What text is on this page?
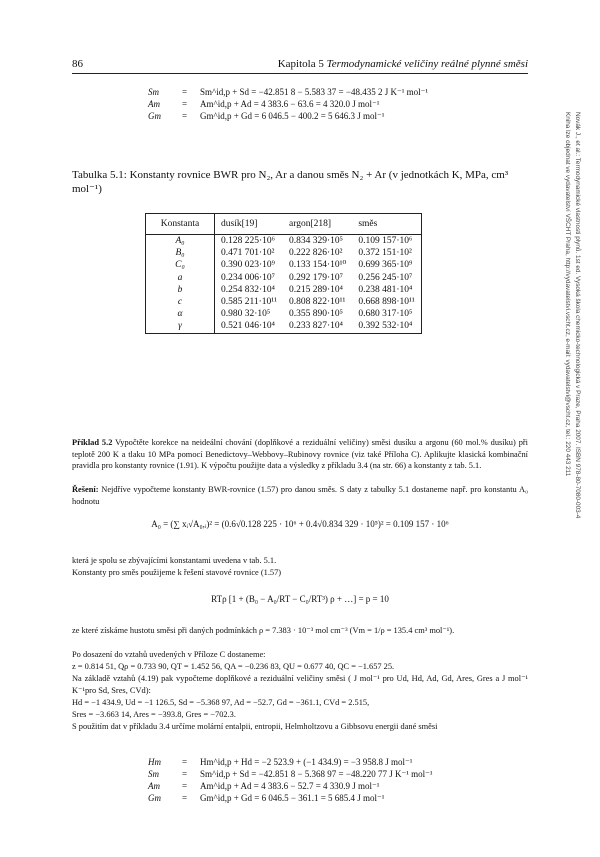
86	Kapitola 5 Termodynamické veličiny reálné plynné směsi
Novák J., et al.: Termodynamické vlastnosti plynů. 1st ed. Vysoká škola chemicko-technologická v Praze, Praha 2007. ISBN 978-80-7080-003-4
Kniha lze objednat ve vydavatelství VŠCHT Praha, http://vydavatelstvi.vscht.cz, e-mail: vydavatelstvi@vscht.cz, tel.: 220 443 211
Sm	= Sm^id,p + Sd = −42.851 8 − 5.583 37 = −48.435 2 J K⁻¹ mol⁻¹
Am	= Am^id,p + Ad = 4 383.6 − 63.6 = 4 320.0 J mol⁻¹
Gm	= Gm^id,p + Gd = 6 046.5 − 400.2 = 5 646.3 J mol⁻¹
Tabulka 5.1: Konstanty rovnice BWR pro N₂, Ar a danou směs N₂ + Ar (v jednotkách K, MPa, cm³ mol⁻¹)
Konstanta	dusík[19]	argon[218]	směs
A₀	0.128 225·10⁶	0.834 329·10⁵	0.109 157·10⁶
B₀	0.471 701·10²	0.222 826·10²	0.372 151·10²
C₀	0.390 023·10⁹	0.133 154·10¹⁰	0.699 365·10⁹
a	0.234 006·10⁷	0.292 179·10⁷	0.256 245·10⁷
b	0.254 832·10⁴	0.215 289·10⁴	0.238 481·10⁴
c	0.585 211·10¹¹	0.808 822·10¹¹	0.668 898·10¹¹
α	0.980 32·10⁵	0.355 890·10⁵	0.680 317·10⁵
γ	0.521 046·10⁴	0.233 827·10⁴	0.392 532·10⁴
Příklad 5.2 Vypočtěte korekce na neideální chování (doplňkové a reziduální veličiny) směsi dusíku a argonu (60 mol.% dusíku) při teplotě 200 K a tlaku 10 MPa pomocí Benedictovy–Webbovy–Rubinovy rovnice (viz také Příloha C). Aplikujte klasická kombinační pravidla pro konstanty rovnice (1.91). K výpočtu použijte data a výsledky z příkladu 3.4 (na str. 66) a konstanty z tab. 5.1.
Řešení: Nejdříve vypočteme konstanty BWR-rovnice (1.57) pro danou směs. S daty z tabulky 5.1 dostaneme např. pro konstantu A₀ hodnotu
A₀ = (∑ xᵢ√A₀,ᵢ)² = (0.6√0.128 225 · 10⁶ + 0.4√0.834 329 · 10⁵)² = 0.109 157 · 10⁶
která je spolu se zbývajícími konstantami uvedena v tab. 5.1.
Konstanty pro směs použijeme k řešení stavové rovnice (1.57)
RTρ [1 + (B₀ − A₀/RT − C₀/RT³) ρ + …] = p = 10
ze které získáme hustotu směsi při daných podmínkách ρ = 7.383 · 10⁻³ mol cm⁻³ (Vm = 1/ρ = 135.4 cm³ mol⁻¹).
Po dosazení do vztahů uvedených v Příloze C dostaneme:
z = 0.814 51, Qρ = 0.733 90, QT = 1.452 56, QA = −0.236 83, QU = 0.677 40, QC = −1.657 25.
Na základě vztahů (4.19) pak vypočteme doplňkové a reziduální veličiny směsi ( J mol⁻¹ pro Ud, Hd, Ad, Gd, Ares, Gres a J mol⁻¹ K⁻¹pro Sd, Sres, CVd):
Hd = −1 434.9, Ud = −1 126.5, Sd = −5.368 97, Ad = −52.7, Gd = −361.1, CVd = 2.515,
Sres = −3.663 14, Ares = −393.8, Gres = −702.3.
S použitím dat v příkladu 3.4 určíme molární entalpii, entropii, Helmholtzovu a Gibbsovu energii dané směsi
Hm	= Hm^id,p + Hd = −2 523.9 + (−1 434.9) = −3 958.8 J mol⁻¹
Sm	= Sm^id,p + Sd = −42.851 8 − 5.368 97 = −48.220 77 J K⁻¹ mol⁻¹
Am	= Am^id,p + Ad = 4 383.6 − 52.7 = 4 330.9 J mol⁻¹
Gm	= Gm^id,p + Gd = 6 046.5 − 361.1 = 5 685.4 J mol⁻¹
